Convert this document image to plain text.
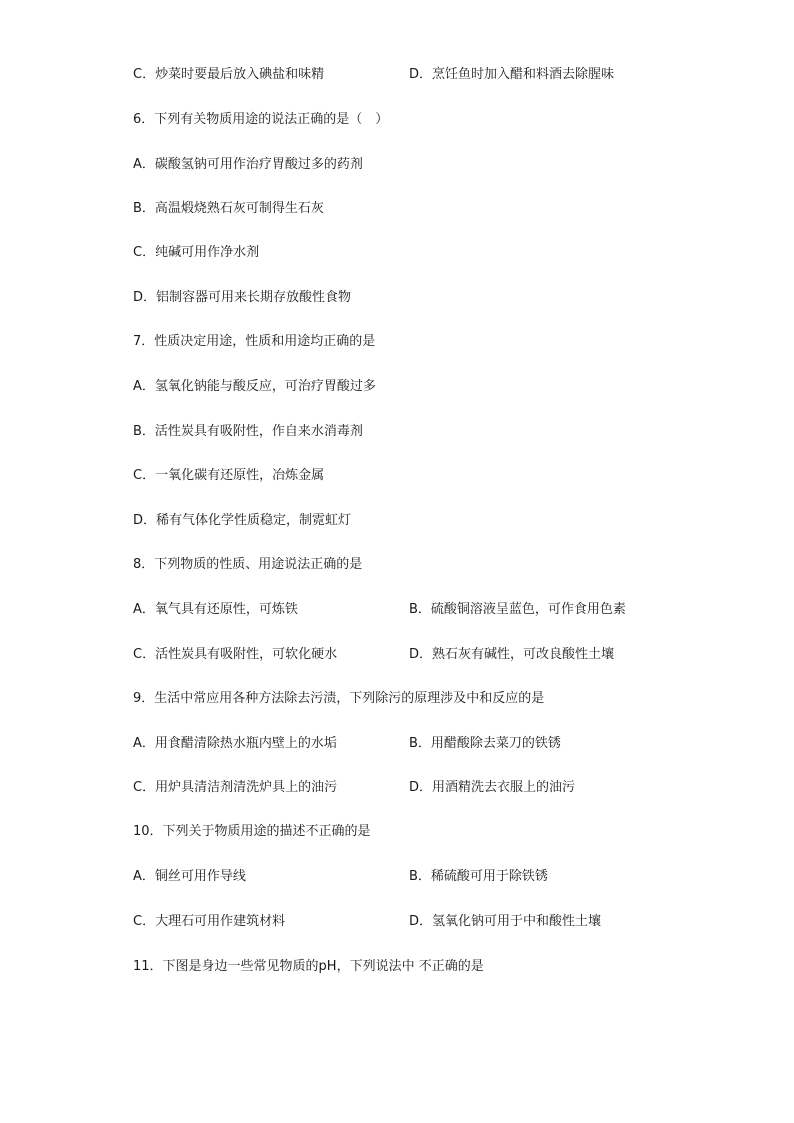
C．炒菜时要最后放入碘盐和味精	D．烹饪鱼时加入醋和料酒去除腥味
6．下列有关物质用途的说法正确的是（　）
A．碳酸氢钠可用作治疗胃酸过多的药剂
B．高温煅烧熟石灰可制得生石灰
C．纯碱可用作净水剂
D．铝制容器可用来长期存放酸性食物
7．性质决定用途，性质和用途均正确的是
A．氢氧化钠能与酸反应，可治疗胃酸过多
B．活性炭具有吸附性，作自来水消毒剂
C．一氧化碳有还原性，冶炼金属
D．稀有气体化学性质稳定，制霓虹灯
8．下列物质的性质、用途说法正确的是
A．氧气具有还原性，可炼铁	B．硫酸铜溶液呈蓝色，可作食用色素
C．活性炭具有吸附性，可软化硬水	D．熟石灰有碱性，可改良酸性土壤
9．生活中常应用各种方法除去污渍，下列除污的原理涉及中和反应的是
A．用食醋清除热水瓶内壁上的水垢	B．用醋酸除去菜刀的铁锈
C．用炉具清洁剂清洗炉具上的油污	D．用酒精洗去衣服上的油污
10．下列关于物质用途的描述不正确的是
A．铜丝可用作导线	B．稀硫酸可用于除铁锈
C．大理石可用作建筑材料	D．氢氧化钠可用于中和酸性土壤
11．下图是身边一些常见物质的pH，下列说法中 不正确的是
